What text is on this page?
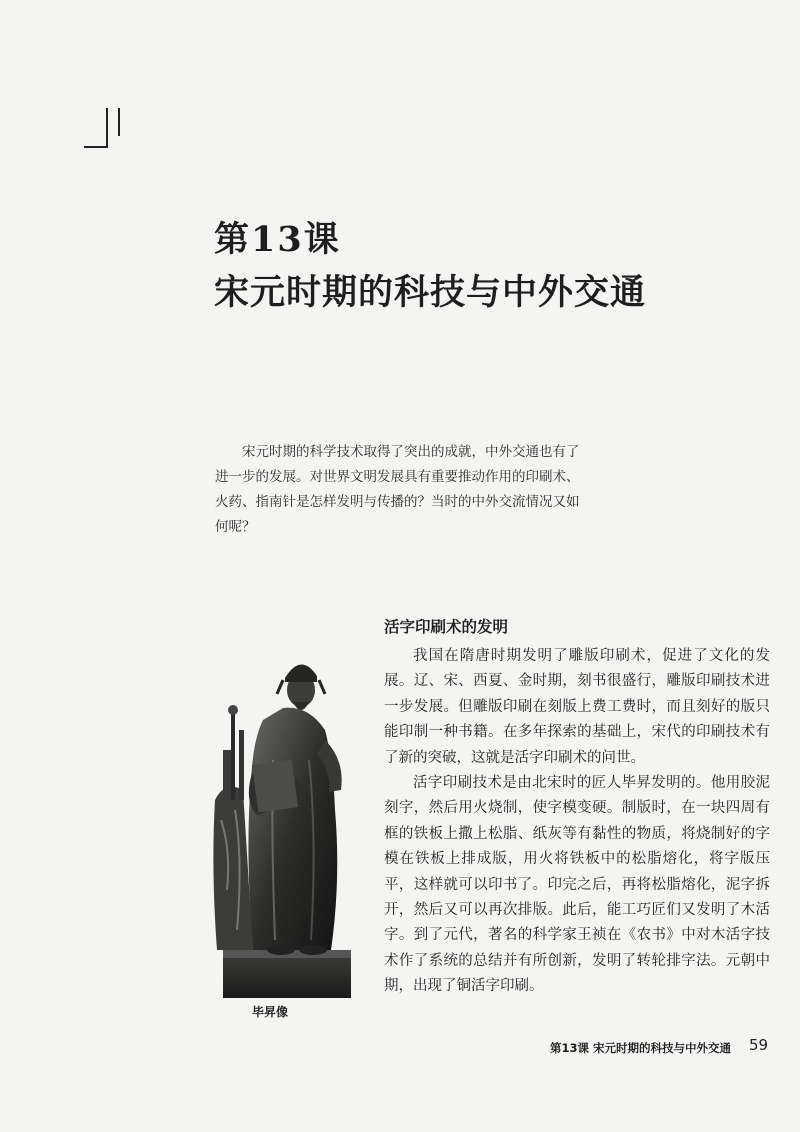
第13课
宋元时期的科技与中外交通
宋元时期的科学技术取得了突出的成就，中外交通也有了进一步的发展。对世界文明发展具有重要推动作用的印刷术、火药、指南针是怎样发明与传播的？当时的中外交流情况又如何呢？
活字印刷术的发明

我国在隋唐时期发明了雕版印刷术，促进了文化的发展。辽、宋、西夏、金时期，刻书很盛行，雕版印刷技术进一步发展。但雕版印刷在刻版上费工费时，而且刻好的版只能印制一种书籍。在多年探索的基础上，宋代的印刷技术有了新的突破，这就是活字印刷术的问世。

活字印刷技术是由北宋时的匠人毕昇发明的。他用胶泥刻字，然后用火烧制，使字模变硬。制版时，在一块四周有框的铁板上撒上松脂、纸灰等有黏性的物质，将烧制好的字模在铁板上排成版，用火将铁板中的松脂熔化，将字版压平，这样就可以印书了。印完之后，再将松脂熔化，泥字拆开，然后又可以再次排版。此后，能工巧匠们又发明了木活字。到了元代，著名的科学家王祯在《农书》中对木活字技术作了系统的总结并有所创新，发明了转轮排字法。元朝中期，出现了铜活字印刷。

毕昇像
第13课 宋元时期的科技与中外交通 59
